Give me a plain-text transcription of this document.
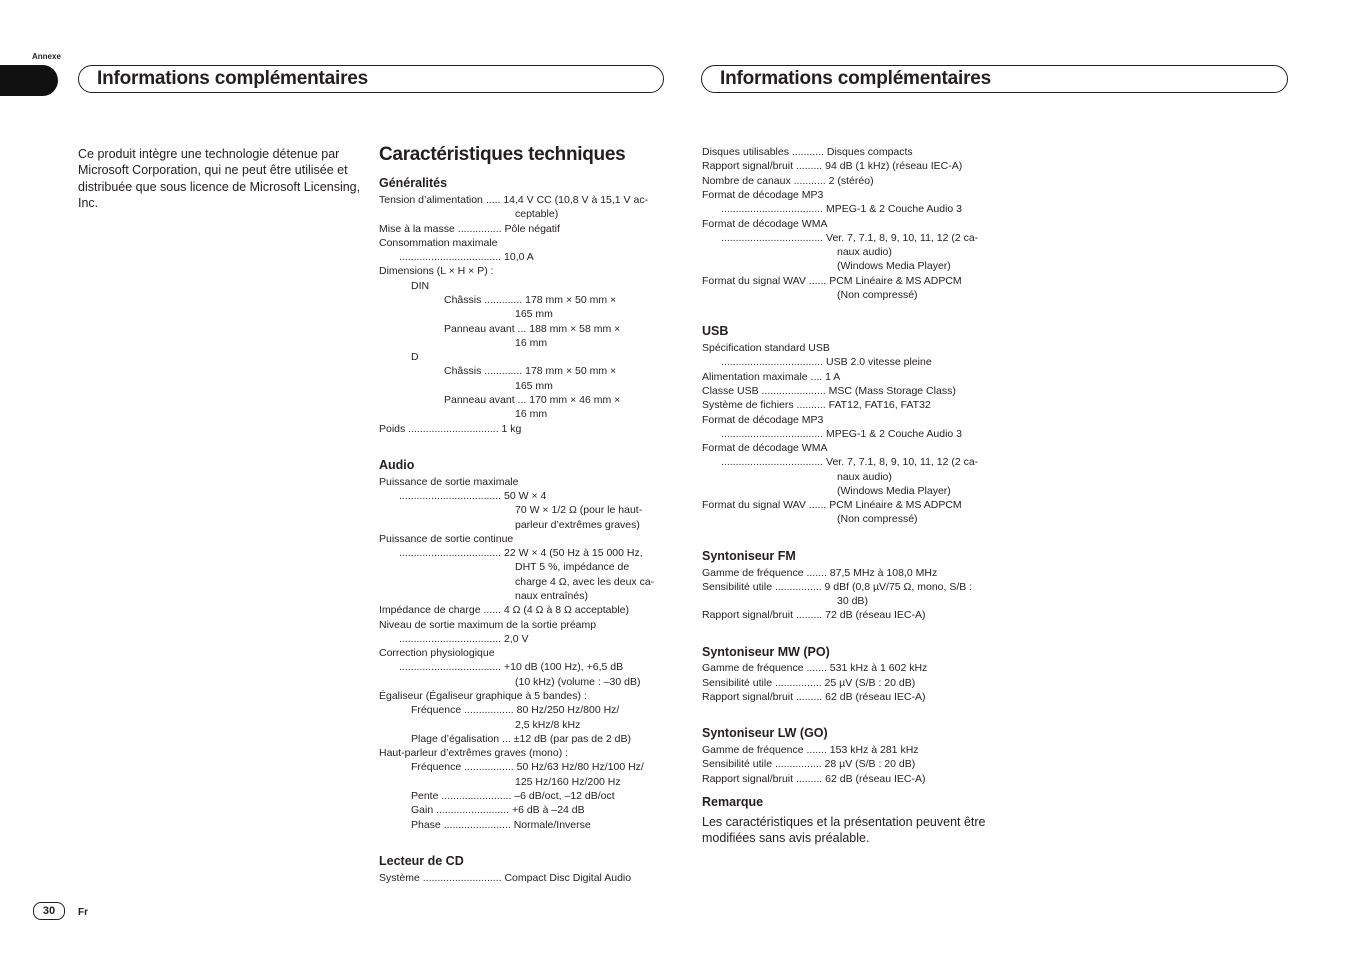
Annexe
Informations complémentaires	Informations complémentaires
Ce produit intègre une technologie détenue par Microsoft Corporation, qui ne peut être utilisée et distribuée que sous licence de Microsoft Licensing, Inc.
Caractéristiques techniques
Généralités
Tension d’alimentation ..... 14,4 V CC (10,8 V à 15,1 V ac-
ceptable)
Mise à la masse ............... Pôle négatif
Consommation maximale
................................... 10,0 A
Dimensions (L × H × P) :
DIN
Châssis ............. 178 mm × 50 mm ×
165 mm
Panneau avant ... 188 mm × 58 mm ×
16 mm
D
Châssis ............. 178 mm × 50 mm ×
165 mm
Panneau avant ... 170 mm × 46 mm ×
16 mm
Poids ............................... 1 kg
Audio
Puissance de sortie maximale
................................... 50 W × 4
70 W × 1/2 Ω (pour le haut-
parleur d’extrêmes graves)
Puissance de sortie continue
................................... 22 W × 4 (50 Hz à 15 000 Hz,
DHT 5 %, impédance de
charge 4 Ω, avec les deux ca-
naux entraînés)
Impédance de charge ...... 4 Ω (4 Ω à 8 Ω acceptable)
Niveau de sortie maximum de la sortie préamp
................................... 2,0 V
Correction physiologique
................................... +10 dB (100 Hz), +6,5 dB
(10 kHz) (volume : –30 dB)
Égaliseur (Égaliseur graphique à 5 bandes) :
Fréquence ................. 80 Hz/250 Hz/800 Hz/
2,5 kHz/8 kHz
Plage d’égalisation ... ±12 dB (par pas de 2 dB)
Haut-parleur d’extrêmes graves (mono) :
Fréquence ................. 50 Hz/63 Hz/80 Hz/100 Hz/
125 Hz/160 Hz/200 Hz
Pente ........................ –6 dB/oct, –12 dB/oct
Gain ......................... +6 dB à –24 dB
Phase ....................... Normale/Inverse
Lecteur de CD
Système ........................... Compact Disc Digital Audio
Disques utilisables ........... Disques compacts
Rapport signal/bruit ......... 94 dB (1 kHz) (réseau IEC-A)
Nombre de canaux ........... 2 (stéréo)
Format de décodage MP3
................................... MPEG-1 & 2 Couche Audio 3
Format de décodage WMA
................................... Ver. 7, 7.1, 8, 9, 10, 11, 12 (2 ca-
naux audio)
(Windows Media Player)
Format du signal WAV ...... PCM Linéaire & MS ADPCM
(Non compressé)
USB
Spécification standard USB
................................... USB 2.0 vitesse pleine
Alimentation maximale .... 1 A
Classe USB ...................... MSC (Mass Storage Class)
Système de fichiers .......... FAT12, FAT16, FAT32
Format de décodage MP3
................................... MPEG-1 & 2 Couche Audio 3
Format de décodage WMA
................................... Ver. 7, 7.1, 8, 9, 10, 11, 12 (2 ca-
naux audio)
(Windows Media Player)
Format du signal WAV ...... PCM Linéaire & MS ADPCM
(Non compressé)
Syntoniseur FM
Gamme de fréquence ....... 87,5 MHz à 108,0 MHz
Sensibilité utile ................ 9 dBf (0,8 µV/75 Ω, mono, S/B :
30 dB)
Rapport signal/bruit ......... 72 dB (réseau IEC-A)
Syntoniseur MW (PO)
Gamme de fréquence ....... 531 kHz à 1 602 kHz
Sensibilité utile ................ 25 µV (S/B : 20 dB)
Rapport signal/bruit ......... 62 dB (réseau IEC-A)
Syntoniseur LW (GO)
Gamme de fréquence ....... 153 kHz à 281 kHz
Sensibilité utile ................ 28 µV (S/B : 20 dB)
Rapport signal/bruit ......... 62 dB (réseau IEC-A)
Remarque
Les caractéristiques et la présentation peuvent être modifiées sans avis préalable.
30	Fr
